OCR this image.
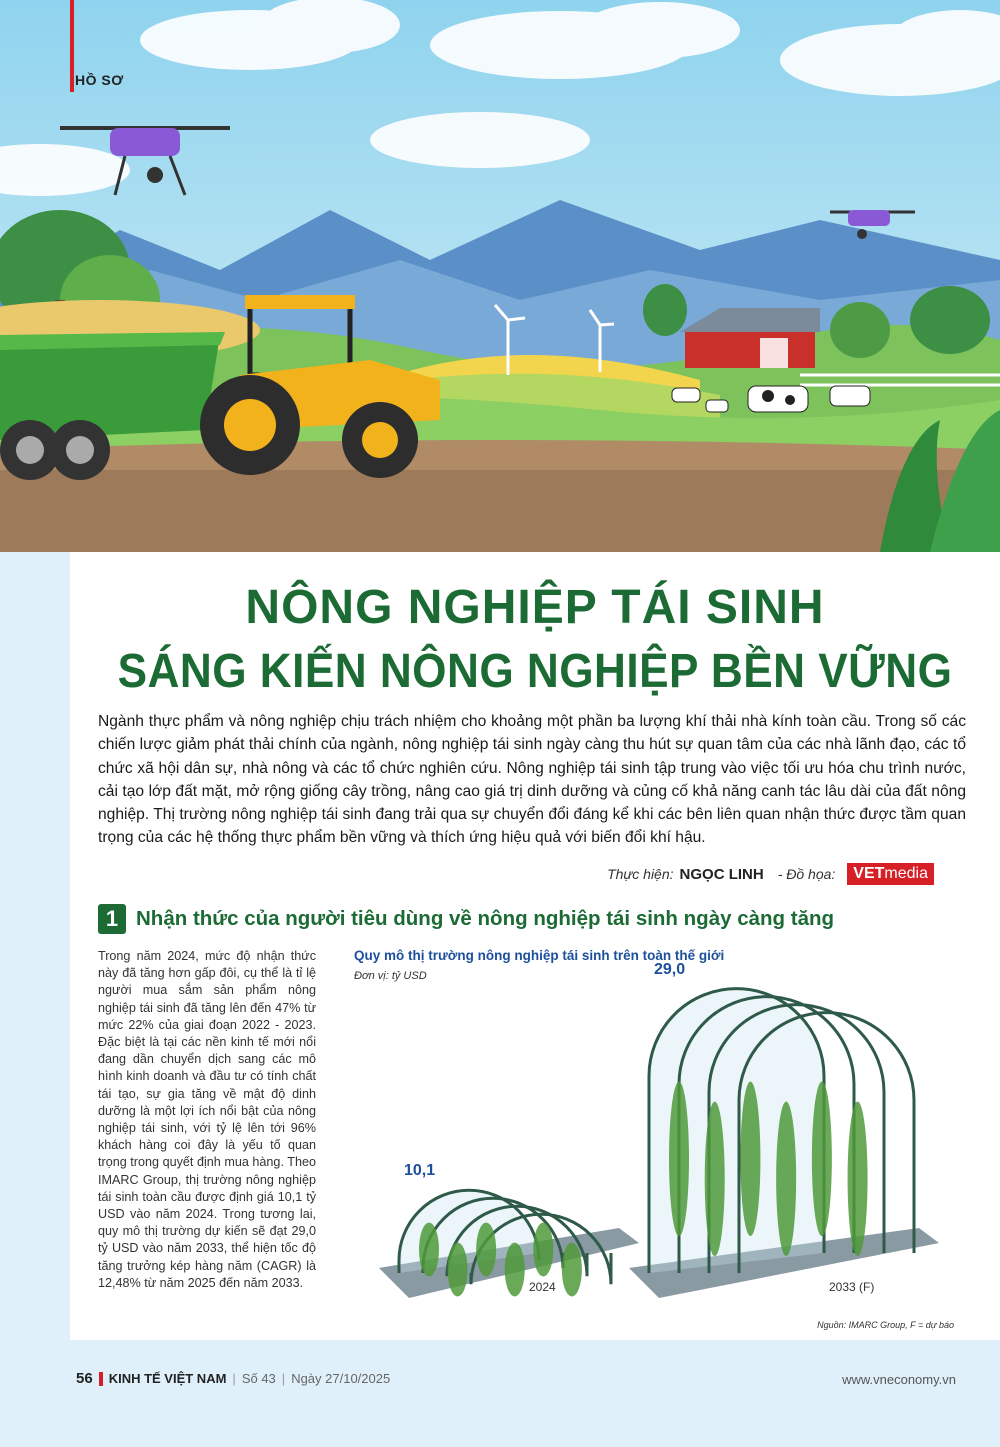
HỒ SƠ
NÔNG NGHIỆP TÁI SINH
SÁNG KIẾN NÔNG NGHIỆP BỀN VỮNG
Ngành thực phẩm và nông nghiệp chịu trách nhiệm cho khoảng một phần ba lượng khí thải nhà kính toàn cầu. Trong số các chiến lược giảm phát thải chính của ngành, nông nghiệp tái sinh ngày càng thu hút sự quan tâm của các nhà lãnh đạo, các tổ chức xã hội dân sự, nhà nông và các tổ chức nghiên cứu. Nông nghiệp tái sinh tập trung vào việc tối ưu hóa chu trình nước, cải tạo lớp đất mặt, mở rộng giống cây trồng, nâng cao giá trị dinh dưỡng và củng cố khả năng canh tác lâu dài của đất nông nghiệp. Thị trường nông nghiệp tái sinh đang trải qua sự chuyển đổi đáng kể khi các bên liên quan nhận thức được tầm quan trọng của các hệ thống thực phẩm bền vững và thích ứng hiệu quả với biến đổi khí hậu.
Thực hiện: NGỌC LINH - Đồ họa:	VETmedia
1 Nhận thức của người tiêu dùng về nông nghiệp tái sinh ngày càng tăng
Trong năm 2024, mức độ nhận thức này đã tăng hơn gấp đôi, cụ thể là tỉ lệ người mua sắm sản phẩm nông nghiệp tái sinh đã tăng lên đến 47% từ mức 22% của giai đoạn 2022 - 2023. Đặc biệt là tại các nền kinh tế mới nổi đang dần chuyển dịch sang các mô hình kinh doanh và đầu tư có tính chất tái tạo, sự gia tăng về mật độ dinh dưỡng là một lợi ích nổi bật của nông nghiệp tái sinh, với tỷ lệ lên tới 96% khách hàng coi đây là yếu tố quan trọng trong quyết định mua hàng. Theo IMARC Group, thị trường nông nghiệp tái sinh toàn cầu được định giá 10,1 tỷ USD vào năm 2024. Trong tương lai, quy mô thị trường dự kiến sẽ đạt 29,0 tỷ USD vào năm 2033, thể hiện tốc độ tăng trưởng kép hàng năm (CAGR) là 12,48% từ năm 2025 đến năm 2033.
Quy mô thị trường nông nghiệp tái sinh trên toàn thế giới
Đơn vị: tỷ USD
Nguồn: IMARC Group, F = dự báo
10,1
2024
29,0
2033 (F)
56 KINH TẾ VIỆT NAM | Số 43 | Ngày 27/10/2025	www.vneconomy.vn
